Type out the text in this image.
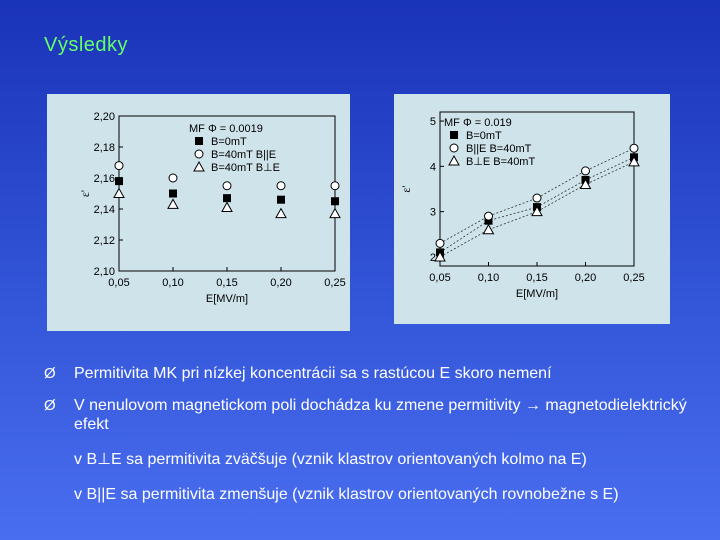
Výsledky
2,10
2,12
2,14
2,16
2,18
2,20
0,05	0,10	0,15	0,20	0,25
E[MV/m]
ε'
MF Φ = 0.0019
B=0mT
B=40mT B||E
B=40mT B⊥E
2
3
4
5
0,05 0,10 0,15 0,20 0,25
E[MV/m]
ε'
MF Φ = 0.019
B=0mT
B||E B=40mT
B⊥E B=40mT
Ø Permitivita MK pri nízkej koncentrácii sa s rastúcou E skoro nemení
Ø V nenulovom magnetickom poli dochádza ku zmene permitivity → magnetodielektrický efekt
v B⊥E sa permitivita zväčšuje (vznik klastrov orientovaných kolmo na E)
v B||E sa permitivita zmenšuje (vznik klastrov orientovaných rovnobežne s E)
